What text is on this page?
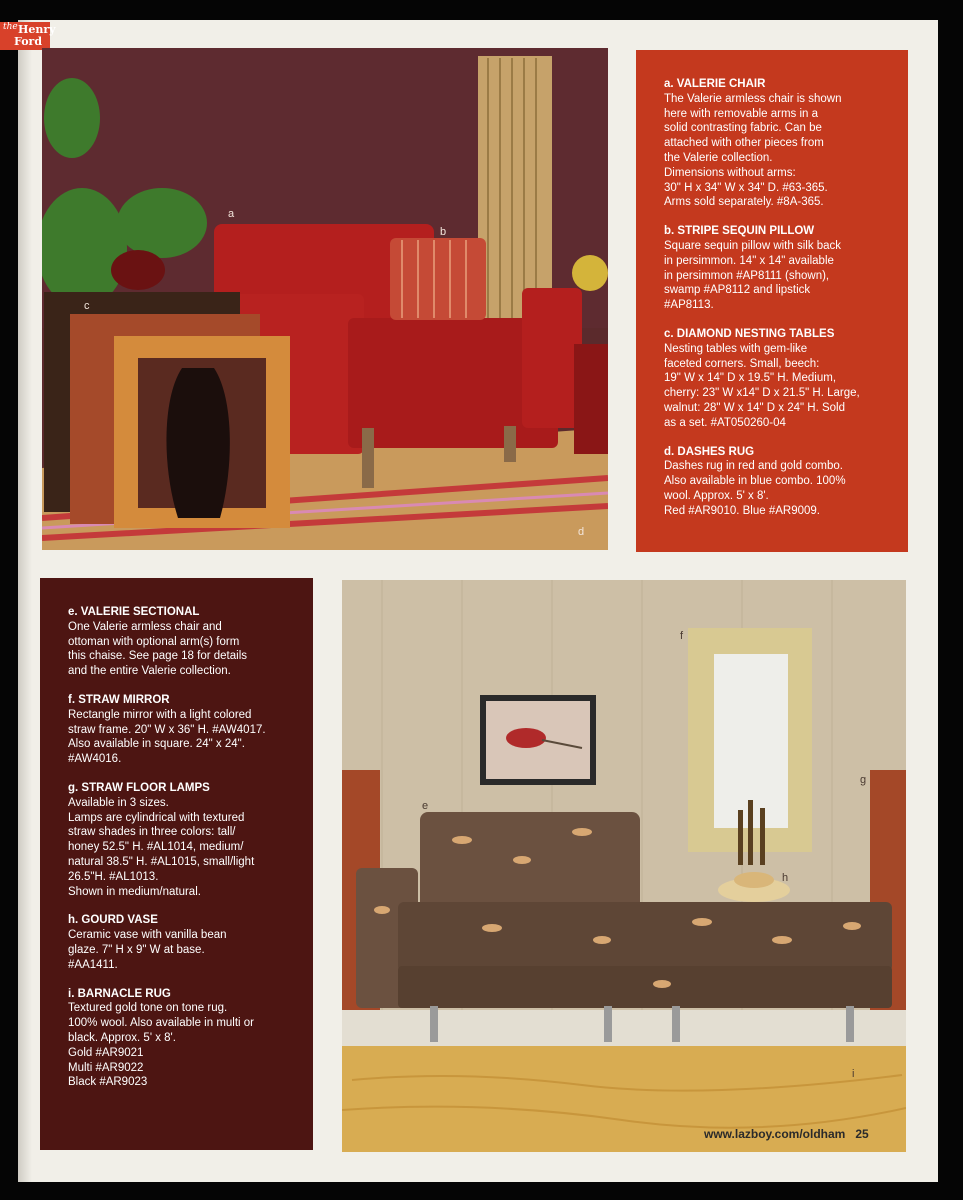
the Henry
Ford
a
b
c
d
a. VALERIE CHAIR
The Valerie armless chair is shown
here with removable arms in a
solid contrasting fabric. Can be
attached with other pieces from
the Valerie collection.
Dimensions without arms:
30" H x 34" W x 34" D. #63-365.
Arms sold separately. #8A-365.
b. STRIPE SEQUIN PILLOW
Square sequin pillow with silk back
in persimmon. 14" x 14" available
in persimmon #AP8111 (shown),
swamp #AP8112 and lipstick
#AP8113.
c. DIAMOND NESTING TABLES
Nesting tables with gem-like
faceted corners. Small, beech:
19" W x 14" D x 19.5" H. Medium,
cherry: 23" W x14" D x 21.5" H. Large,
walnut: 28" W x 14" D x 24" H. Sold
as a set. #AT050260-04
d. DASHES RUG
Dashes rug in red and gold combo.
Also available in blue combo. 100%
wool. Approx. 5' x 8'.
Red #AR9010. Blue #AR9009.
e. VALERIE SECTIONAL
One Valerie armless chair and
ottoman with optional arm(s) form
this chaise. See page 18 for details
and the entire Valerie collection.
f. STRAW MIRROR
Rectangle mirror with a light colored
straw frame. 20" W x 36" H. #AW4017.
Also available in square. 24" x 24".
#AW4016.
g. STRAW FLOOR LAMPS
Available in 3 sizes.
Lamps are cylindrical with textured
straw shades in three colors: tall/
honey 52.5" H. #AL1014, medium/
natural 38.5" H. #AL1015, small/light
26.5"H. #AL1013.
Shown in medium/natural.
h. GOURD VASE
Ceramic vase with vanilla bean
glaze. 7" H x 9" W at base.
#AA1411.
i. BARNACLE RUG
Textured gold tone on tone rug.
100% wool. Also available in multi or
black. Approx. 5' x 8'.
Gold #AR9021
Multi #AR9022
Black #AR9023
e
f
g
h
i
www.lazboy.com/oldham 25
